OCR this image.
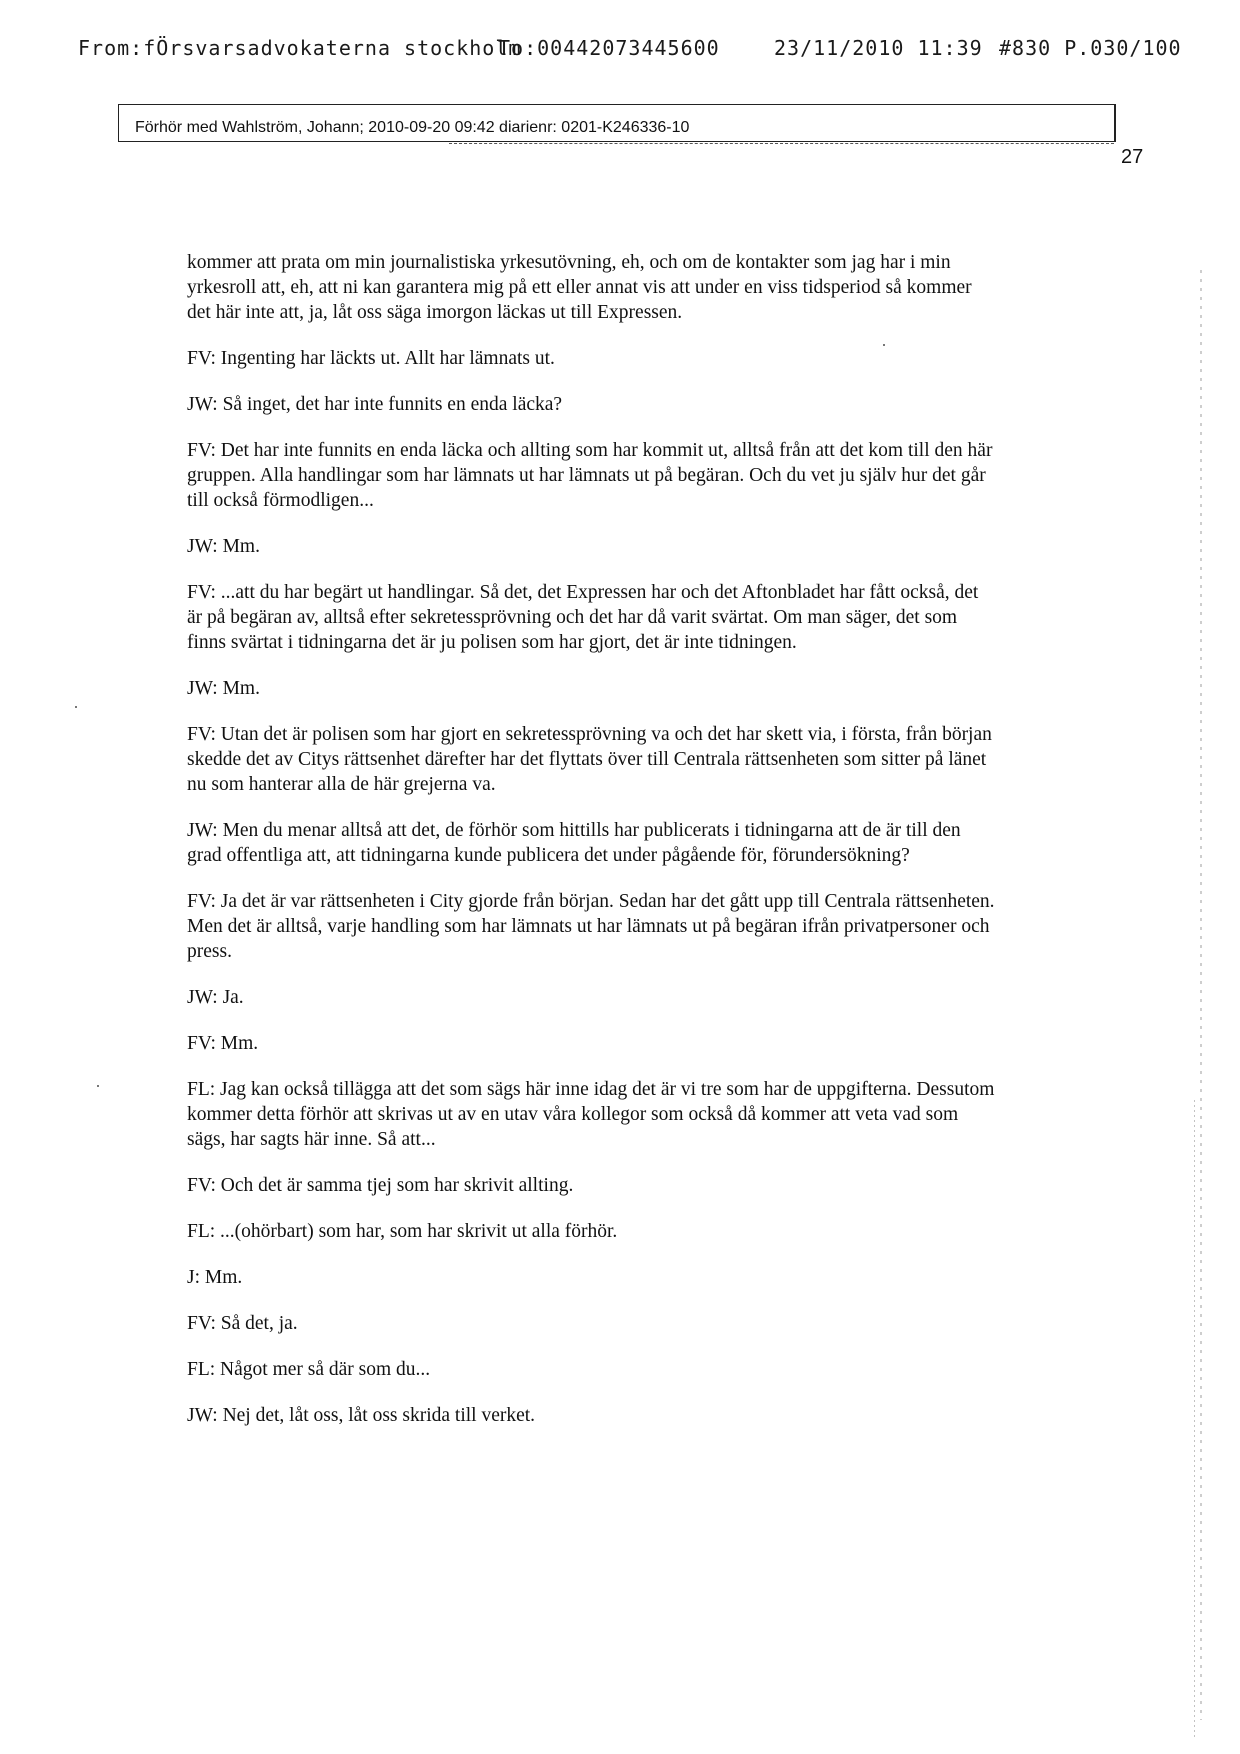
From:fÖrsvarsadvokaterna stockholm
To:00442073445600	23/11/2010 11:39 #830 P.030/100
Förhör med Wahlström, Johann; 2010-09-20 09:42 diarienr: 0201-K246336-10
27

kommer att prata om min journalistiska yrkesutövning, eh, och om de kontakter som jag har i min yrkesroll att, eh, att ni kan garantera mig på ett eller annat vis att under en viss tidsperiod så kommer det här inte att, ja, låt oss säga imorgon läckas ut till Expressen.

FV: Ingenting har läckts ut. Allt har lämnats ut.

JW: Så inget, det har inte funnits en enda läcka?

FV: Det har inte funnits en enda läcka och allting som har kommit ut, alltså från att det kom till den här gruppen. Alla handlingar som har lämnats ut har lämnats ut på begäran. Och du vet ju själv hur det går till också förmodligen...

JW: Mm.

FV: ...att du har begärt ut handlingar. Så det, det Expressen har och det Aftonbladet har fått också, det är på begäran av, alltså efter sekretessprövning och det har då varit svärtat. Om man säger, det som finns svärtat i tidningarna det är ju polisen som har gjort, det är inte tidningen.

JW: Mm.

FV: Utan det är polisen som har gjort en sekretessprövning va och det har skett via, i första, från början skedde det av Citys rättsenhet därefter har det flyttats över till Centrala rättsenheten som sitter på länet nu som hanterar alla de här grejerna va.

JW: Men du menar alltså att det, de förhör som hittills har publicerats i tidningarna att de är till den grad offentliga att, att tidningarna kunde publicera det under pågående för, förundersökning?

FV: Ja det är var rättsenheten i City gjorde från början. Sedan har det gått upp till Centrala rättsenheten. Men det är alltså, varje handling som har lämnats ut har lämnats ut på begäran ifrån privatpersoner och press.

JW: Ja.

FV: Mm.

FL: Jag kan också tillägga att det som sägs här inne idag det är vi tre som har de uppgifterna. Dessutom kommer detta förhör att skrivas ut av en utav våra kollegor som också då kommer att veta vad som sägs, har sagts här inne. Så att...

FV: Och det är samma tjej som har skrivit allting.

FL: ...(ohörbart) som har, som har skrivit ut alla förhör.

J: Mm.

FV: Så det, ja.

FL: Något mer så där som du...

JW: Nej det, låt oss, låt oss skrida till verket.
